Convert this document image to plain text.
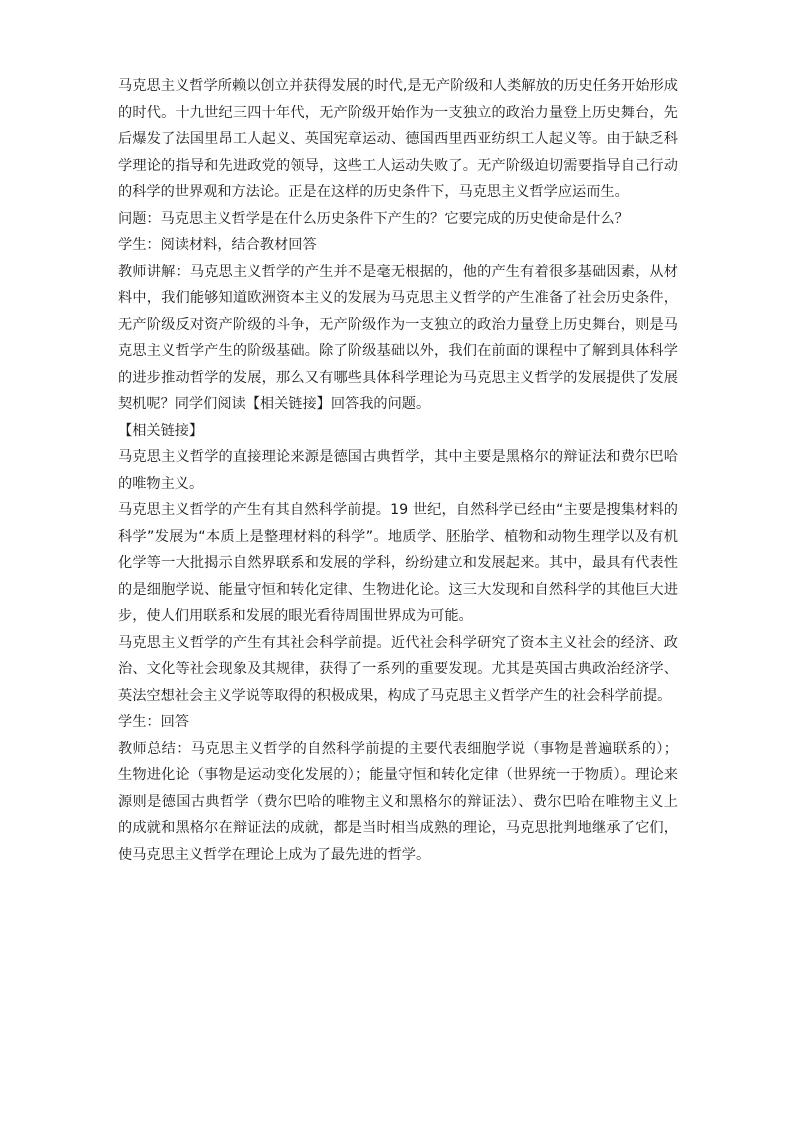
马克思主义哲学所赖以创立并获得发展的时代,是无产阶级和人类解放的历史任务开始形成的时代。十九世纪三四十年代，无产阶级开始作为一支独立的政治力量登上历史舞台，先后爆发了法国里昂工人起义、英国宪章运动、德国西里西亚纺织工人起义等。由于缺乏科学理论的指导和先进政党的领导，这些工人运动失败了。无产阶级迫切需要指导自己行动的科学的世界观和方法论。正是在这样的历史条件下，马克思主义哲学应运而生。

问题：马克思主义哲学是在什么历史条件下产生的？它要完成的历史使命是什么？

学生：阅读材料，结合教材回答

教师讲解：马克思主义哲学的产生并不是毫无根据的，他的产生有着很多基础因素，从材料中，我们能够知道欧洲资本主义的发展为马克思主义哲学的产生准备了社会历史条件，无产阶级反对资产阶级的斗争，无产阶级作为一支独立的政治力量登上历史舞台，则是马克思主义哲学产生的阶级基础。除了阶级基础以外，我们在前面的课程中了解到具体科学的进步推动哲学的发展，那么又有哪些具体科学理论为马克思主义哲学的发展提供了发展契机呢？同学们阅读【相关链接】回答我的问题。

【相关链接】

马克思主义哲学的直接理论来源是德国古典哲学，其中主要是黑格尔的辩证法和费尔巴哈的唯物主义。

马克思主义哲学的产生有其自然科学前提。19 世纪，自然科学已经由“主要是搜集材料的科学”发展为“本质上是整理材料的科学”。地质学、胚胎学、植物和动物生理学以及有机化学等一大批揭示自然界联系和发展的学科，纷纷建立和发展起来。其中，最具有代表性的是细胞学说、能量守恒和转化定律、生物进化论。这三大发现和自然科学的其他巨大进步，使人们用联系和发展的眼光看待周围世界成为可能。

马克思主义哲学的产生有其社会科学前提。近代社会科学研究了资本主义社会的经济、政治、文化等社会现象及其规律，获得了一系列的重要发现。尤其是英国古典政治经济学、英法空想社会主义学说等取得的积极成果，构成了马克思主义哲学产生的社会科学前提。

学生：回答

教师总结：马克思主义哲学的自然科学前提的主要代表细胞学说（事物是普遍联系的）；生物进化论（事物是运动变化发展的）；能量守恒和转化定律（世界统一于物质）。理论来源则是德国古典哲学（费尔巴哈的唯物主义和黑格尔的辩证法）、费尔巴哈在唯物主义上的成就和黑格尔在辩证法的成就，都是当时相当成熟的理论，马克思批判地继承了它们，使马克思主义哲学在理论上成为了最先进的哲学。
